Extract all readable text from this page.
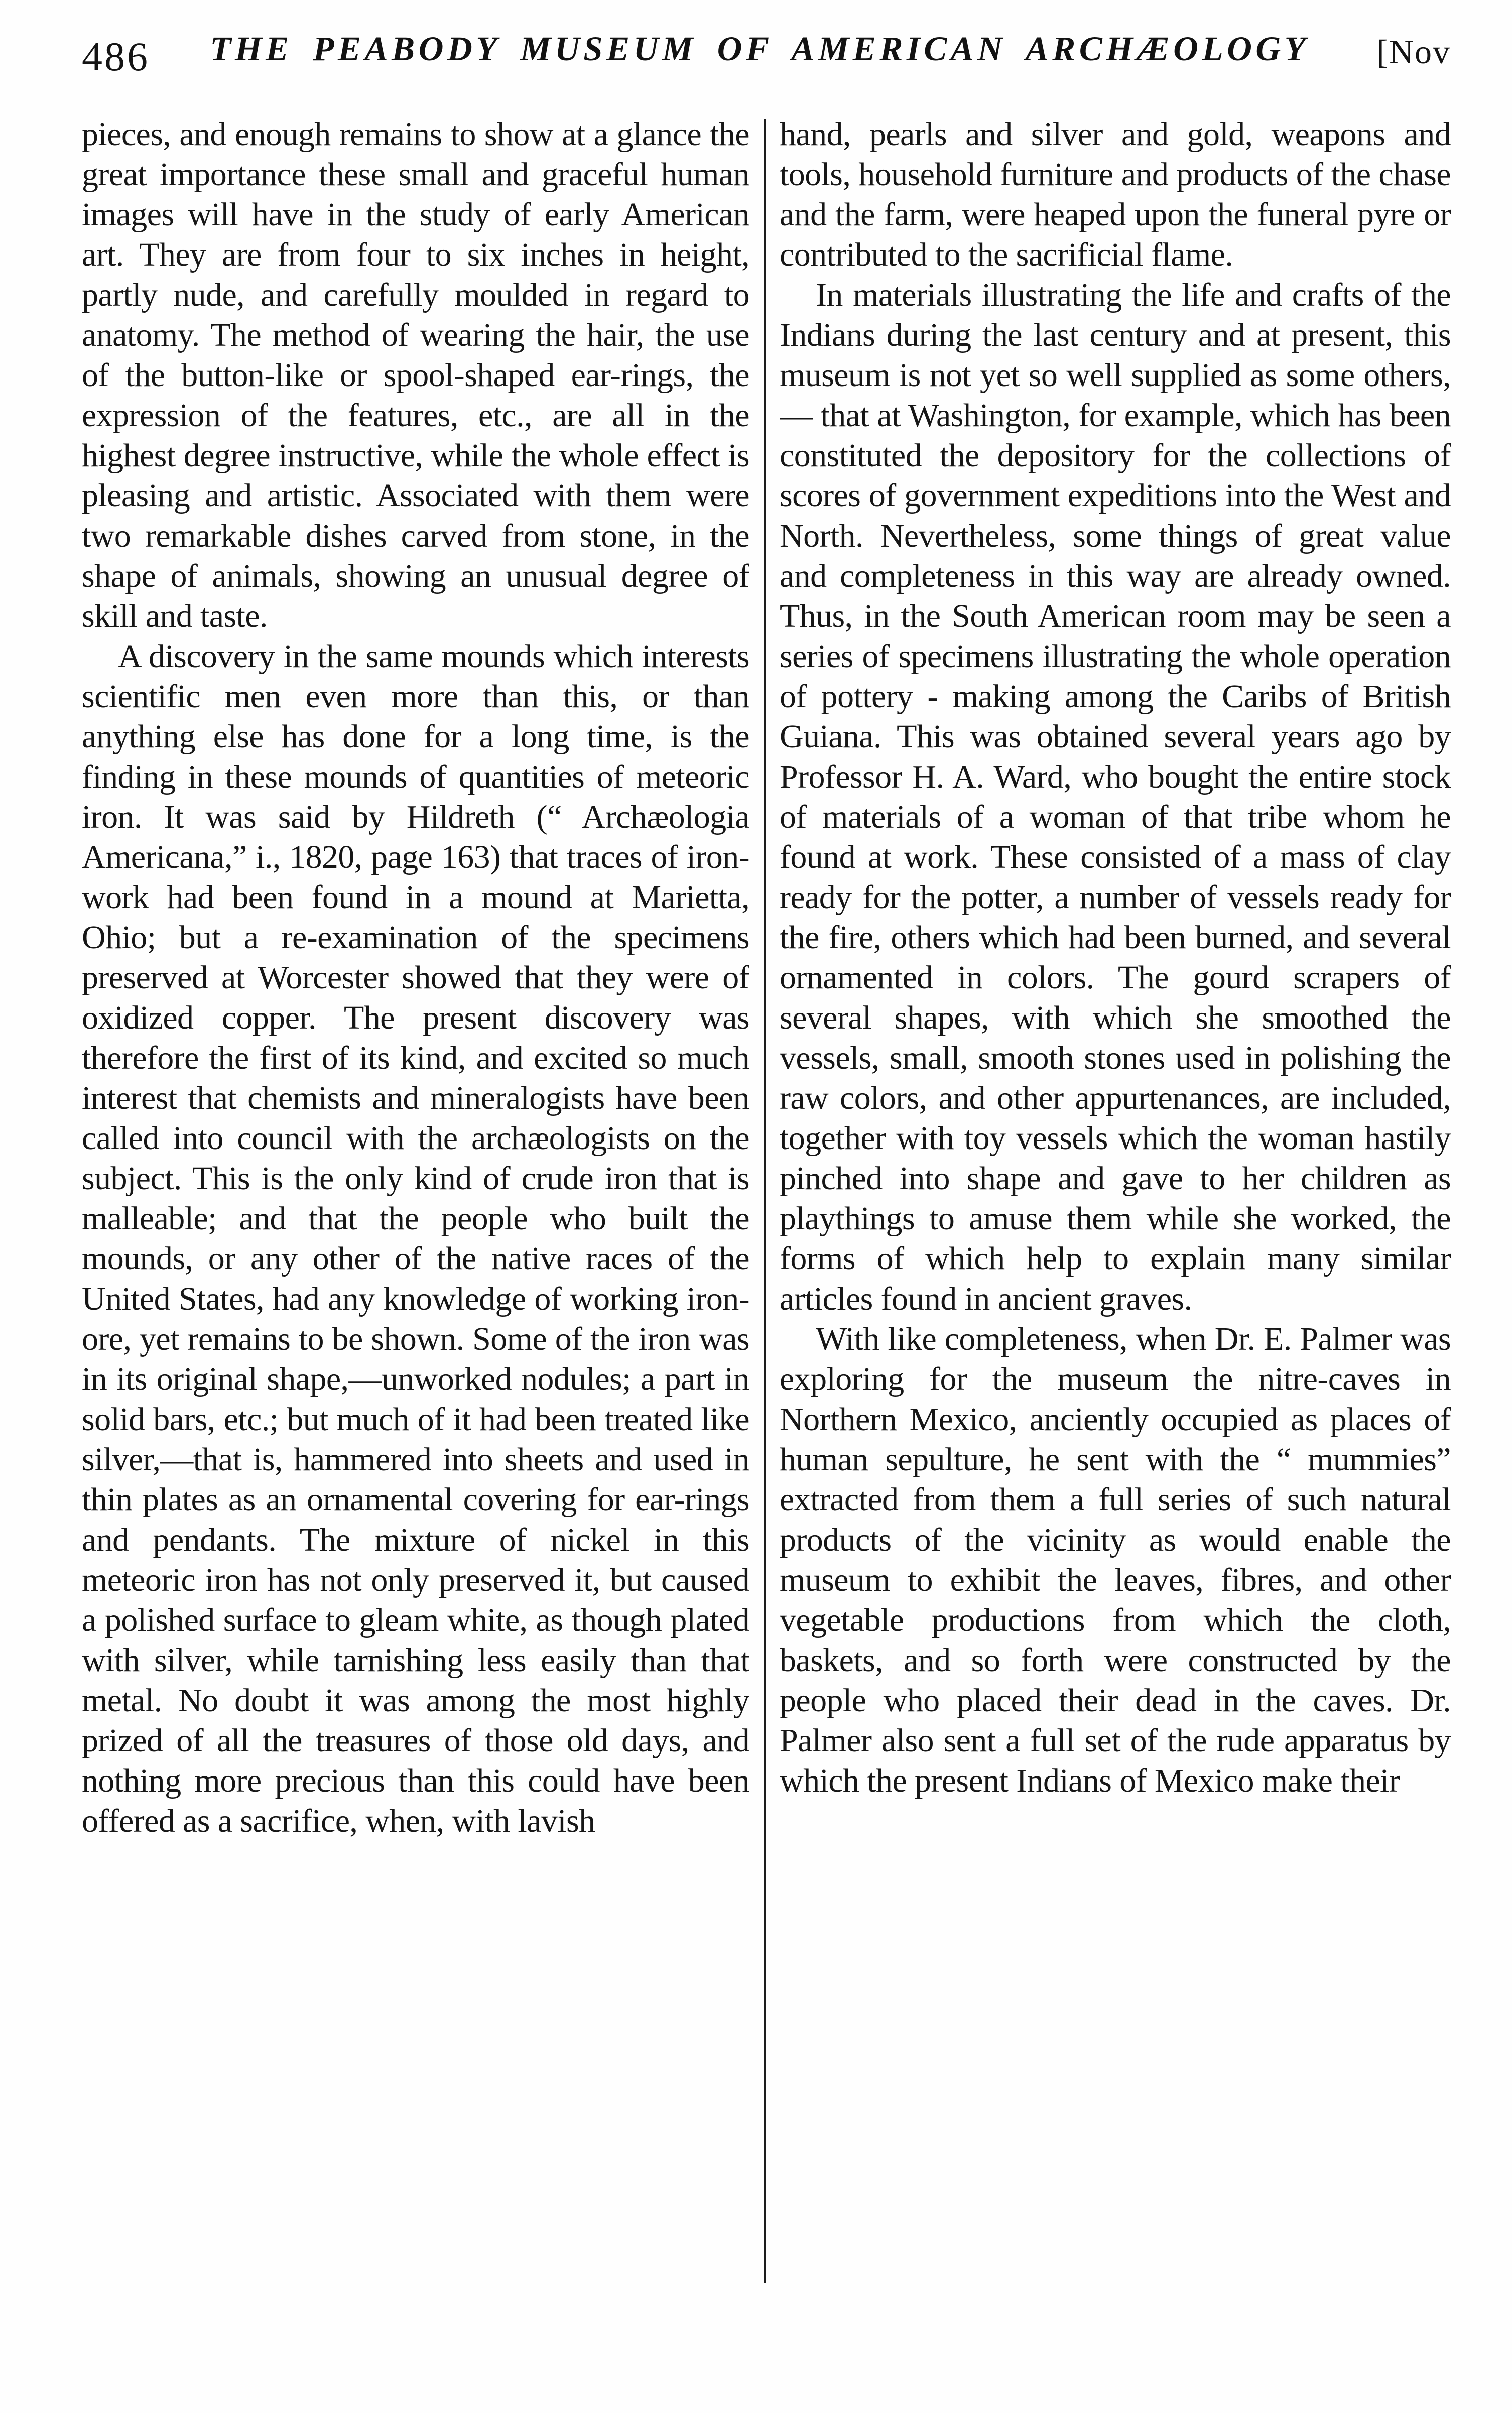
486 THE PEABODY MUSEUM OF AMERICAN ARCHÆOLOGY [Nov

pieces, and enough remains to show at a glance the great importance these small and graceful human images will have in the study of early American art. They are from four to six inches in height, partly nude, and carefully moulded in regard to anatomy. The method of wearing the hair, the use of the button-like or spool-shaped ear-rings, the expression of the features, etc., are all in the highest degree instructive, while the whole effect is pleasing and artistic. Associated with them were two remarkable dishes carved from stone, in the shape of animals, showing an unusual degree of skill and taste.

A discovery in the same mounds which interests scientific men even more than this, or than anything else has done for a long time, is the finding in these mounds of quantities of meteoric iron. It was said by Hildreth (“ Archæologia Americana,” i., 1820, page 163) that traces of iron-work had been found in a mound at Marietta, Ohio; but a re-examination of the specimens preserved at Worcester showed that they were of oxidized copper. The present discovery was therefore the first of its kind, and excited so much interest that chemists and mineralogists have been called into council with the archæologists on the subject. This is the only kind of crude iron that is malleable; and that the people who built the mounds, or any other of the native races of the United States, had any knowledge of working iron-ore, yet remains to be shown. Some of the iron was in its original shape,—unworked nodules; a part in solid bars, etc.; but much of it had been treated like silver,—that is, hammered into sheets and used in thin plates as an ornamental covering for ear-rings and pendants. The mixture of nickel in this meteoric iron has not only preserved it, but caused a polished surface to gleam white, as though plated with silver, while tarnishing less easily than that metal. No doubt it was among the most highly prized of all the treasures of those old days, and nothing more precious than this could have been offered as a sacrifice, when, with lavish

hand, pearls and silver and gold, weapons and tools, household furniture and products of the chase and the farm, were heaped upon the funeral pyre or contributed to the sacrificial flame.

In materials illustrating the life and crafts of the Indians during the last century and at present, this museum is not yet so well supplied as some others, — that at Washington, for example, which has been constituted the depository for the collections of scores of government expeditions into the West and North. Nevertheless, some things of great value and completeness in this way are already owned. Thus, in the South American room may be seen a series of specimens illustrating the whole operation of pottery - making among the Caribs of British Guiana. This was obtained several years ago by Professor H. A. Ward, who bought the entire stock of materials of a woman of that tribe whom he found at work. These consisted of a mass of clay ready for the potter, a number of vessels ready for the fire, others which had been burned, and several ornamented in colors. The gourd scrapers of several shapes, with which she smoothed the vessels, small, smooth stones used in polishing the raw colors, and other appurtenances, are included, together with toy vessels which the woman hastily pinched into shape and gave to her children as playthings to amuse them while she worked, the forms of which help to explain many similar articles found in ancient graves.

With like completeness, when Dr. E. Palmer was exploring for the museum the nitre-caves in Northern Mexico, anciently occupied as places of human sepulture, he sent with the “ mummies” extracted from them a full series of such natural products of the vicinity as would enable the museum to exhibit the leaves, fibres, and other vegetable productions from which the cloth, baskets, and so forth were constructed by the people who placed their dead in the caves. Dr. Palmer also sent a full set of the rude apparatus by which the present Indians of Mexico make their
